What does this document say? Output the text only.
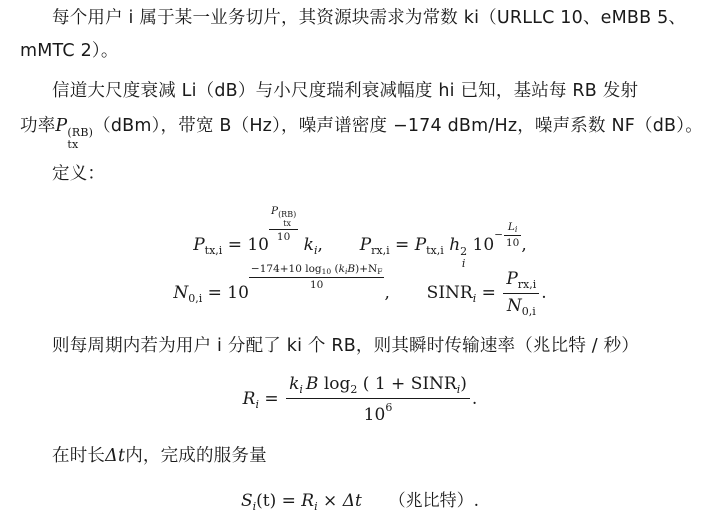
每个用户 i 属于某一业务切片，其资源块需求为常数 ki（URLLC 10、eMBB 5、
mMTC 2）。
信道大尺度衰减 Li（dB）与小尺度瑞利衰减幅度 hi 已知，基站每 RB 发射
功率P (RB)
tx
（dBm），带宽 B（Hz），噪声谱密度 −174 dBm/Hz，噪声系数 NF（dB）。
定义：
$P_{tx,i} = 10$
P (RB)
tx
10
$k_i$, $P_{rx,i} = P_{tx,i}$ h 2
i
$10 - \frac{Li}{10}$ ,
$N_{0,i} = 10$
$\frac{\text{−174+10 log10 (kiB)+NF}}{10}$
, $SINR_i = \frac{P_{rx,i}}{N_{0,i}}$ .
则每周期内若为用户 i 分配了 ki 个 RB，则其瞬时传输速率（兆比特 / 秒）
$R_i = \frac{k_i B \log_2 ( 1 + SINR_i)}{10^6}$ .
在时长Δt内，完成的服务量
$S_i(t) = R_i \times \Delta t$ （兆比特）.
